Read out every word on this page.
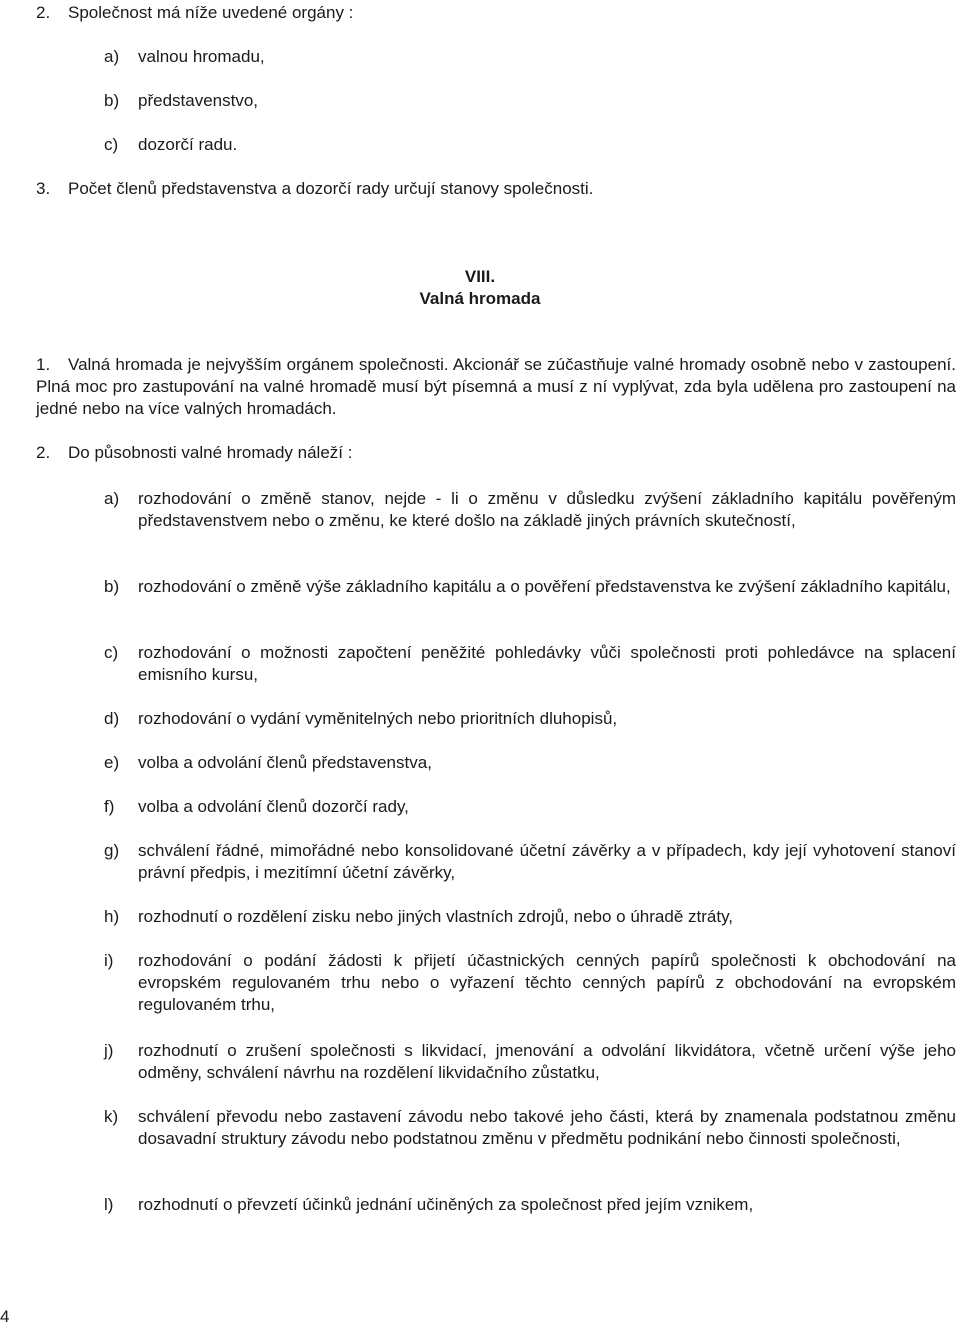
2.	Společnost má níže uvedené orgány :
a)	valnou hromadu,
b)	představenstvo,
c)	dozorčí radu.
3.	Počet členů představenstva a dozorčí rady určují stanovy společnosti.
VIII.
Valná hromada
1.	Valná hromada je nejvyšším orgánem společnosti. Akcionář se zúčastňuje valné hromady osobně nebo v zastoupení. Plná moc pro zastupování na valné hromadě musí být písemná a musí z ní vyplývat, zda byla udělena pro zastoupení na jedné nebo na více valných hromadách.
2.	Do působnosti valné hromady náleží :
a)	rozhodování o změně stanov, nejde - li o změnu v důsledku zvýšení základního kapitálu pověřeným představenstvem nebo o změnu, ke které došlo na základě jiných právních skutečností,
b)	rozhodování o změně výše základního kapitálu a o pověření představenstva ke zvýšení základního kapitálu,
c)	rozhodování o možnosti započtení peněžité pohledávky vůči společnosti proti pohledávce na splacení emisního kursu,
d)	rozhodování o vydání vyměnitelných nebo prioritních dluhopisů,
e)	volba a odvolání členů představenstva,
f)	volba a odvolání členů dozorčí rady,
g)	schválení řádné, mimořádné nebo konsolidované účetní závěrky a v případech, kdy její vyhotovení stanoví právní předpis, i mezitímní účetní závěrky,
h)	rozhodnutí o rozdělení zisku nebo jiných vlastních zdrojů, nebo o úhradě ztráty,
i)	rozhodování o podání žádosti k přijetí účastnických cenných papírů společnosti k obchodování na evropském regulovaném trhu nebo o vyřazení těchto cenných papírů z obchodování na evropském regulovaném trhu,
j)	rozhodnutí o zrušení společnosti s likvidací, jmenování a odvolání likvidátora, včetně určení výše jeho odměny, schválení návrhu na rozdělení likvidačního zůstatku,
k)	schválení převodu nebo zastavení závodu nebo takové jeho části, která by znamenala podstatnou změnu dosavadní struktury závodu nebo podstatnou změnu v předmětu podnikání nebo činnosti společnosti,
l)	rozhodnutí o převzetí účinků jednání učiněných za společnost před jejím vznikem,
4
